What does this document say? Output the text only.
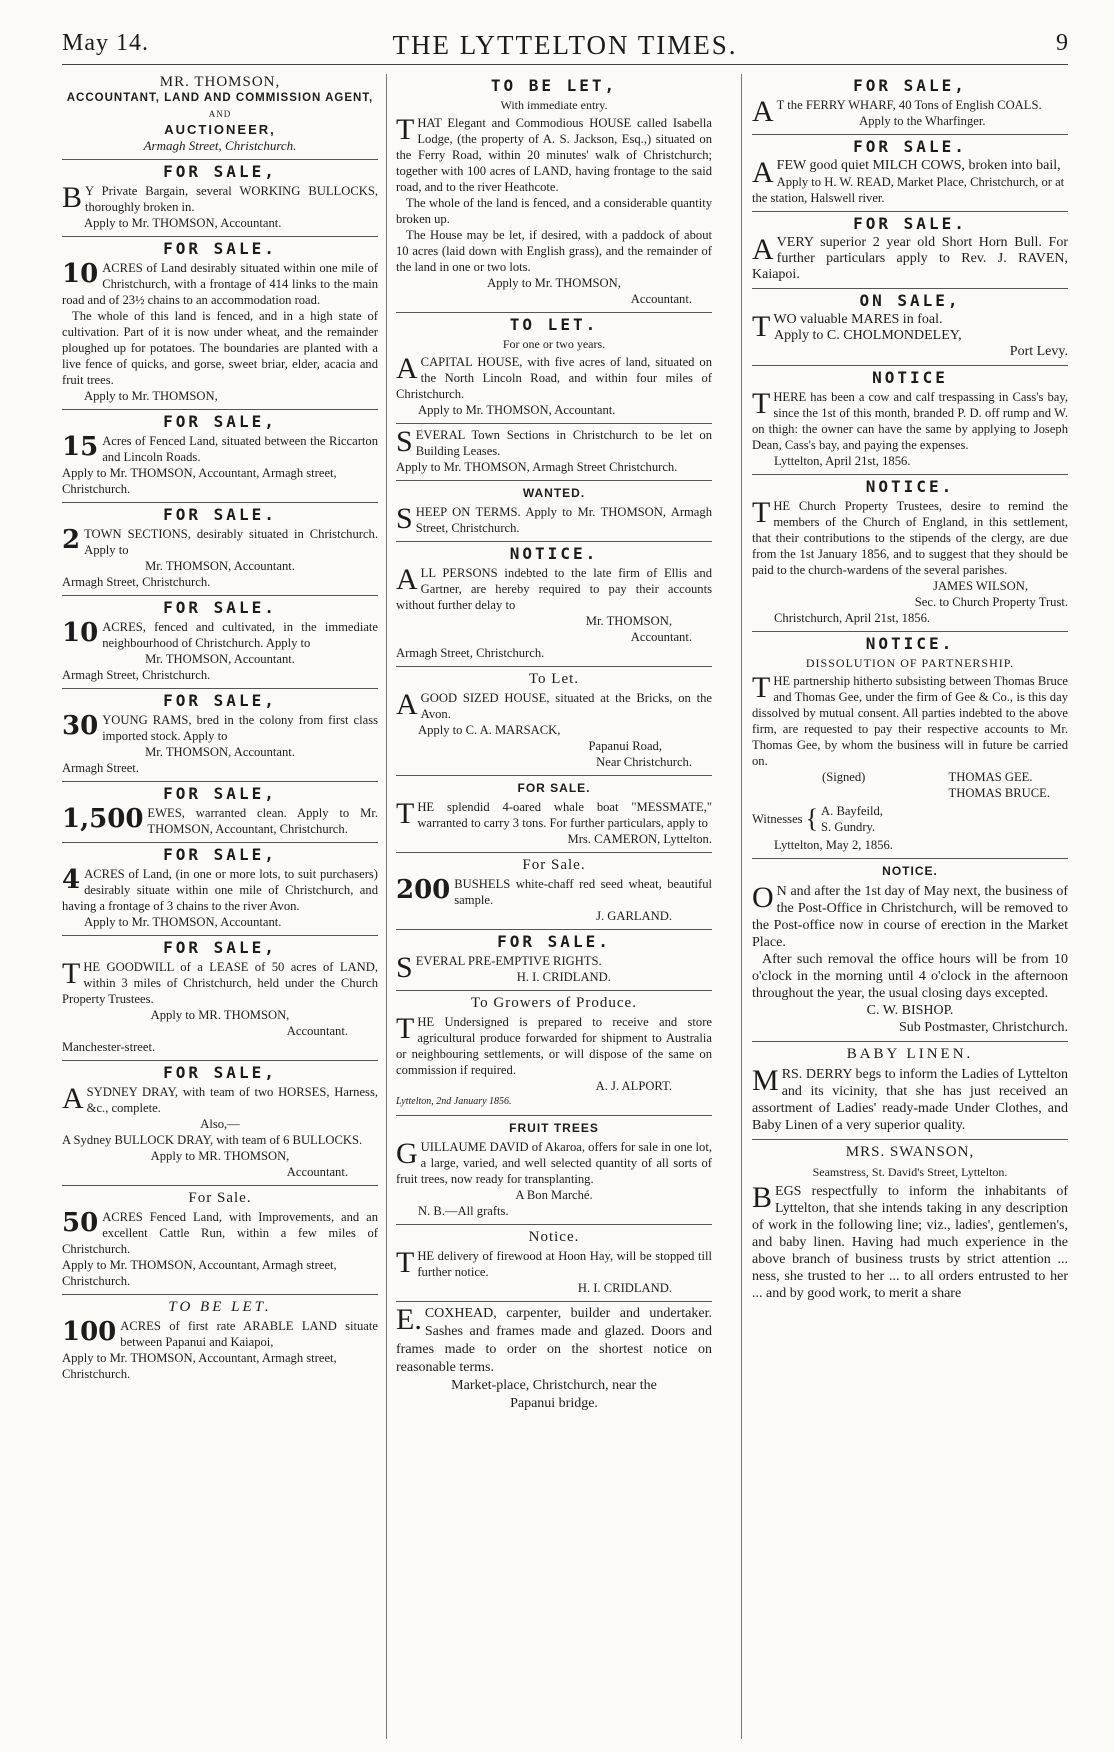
May 14.	THE LYTTELTON TIMES.	9
MR. THOMSON,
ACCOUNTANT, LAND AND COMMISSION AGENT,
AND
AUCTIONEER,
Armagh Street, Christchurch.
FOR SALE,

BY Private Bargain, several WORKING BULLOCKS, thoroughly broken in.

Apply to Mr. THOMSON, Accountant.

FOR SALE.

10 ACRES of Land desirably situated within one mile of Christchurch, with a frontage of 414 links to the main road and of 23½ chains to an accommodation road.

The whole of this land is fenced, and in a high state of cultivation. Part of it is now under wheat, and the remainder ploughed up for potatoes. The boundaries are planted with a live fence of quicks, and gorse, sweet briar, elder, acacia and fruit trees.

Apply to Mr. THOMSON,

FOR SALE,

15 Acres of Fenced Land, situated between the Riccarton and Lincoln Roads.

Apply to Mr. THOMSON, Accountant, Armagh street, Christchurch.

FOR SALE.

2 TOWN SECTIONS, desirably situated in Christchurch. Apply to

Mr. THOMSON, Accountant.

Armagh Street, Christchurch.

FOR SALE.

10 ACRES, fenced and cultivated, in the immediate neighbourhood of Christchurch. Apply to

Mr. THOMSON, Accountant.

Armagh Street, Christchurch.

FOR SALE,

30 YOUNG RAMS, bred in the colony from first class imported stock. Apply to

Mr. THOMSON, Accountant.

Armagh Street.

FOR SALE,

1,500 EWES, warranted clean. Apply to Mr. THOMSON, Accountant, Christchurch.

FOR SALE,

4 ACRES of Land, (in one or more lots, to suit purchasers) desirably situate within one mile of Christchurch, and having a frontage of 3 chains to the river Avon.

Apply to Mr. THOMSON, Accountant.

FOR SALE,

THE GOODWILL of a LEASE of 50 acres of LAND, within 3 miles of Christchurch, held under the Church Property Trustees.

Apply to MR. THOMSON,

Accountant.

Manchester-street.

FOR SALE,

ASYDNEY DRAY, with team of two HORSES, Harness, &c., complete.

Also,—

A Sydney BULLOCK DRAY, with team of 6 BULLOCKS.

Apply to MR. THOMSON,

Accountant.

For Sale.

50 ACRES Fenced Land, with Improvements, and an excellent Cattle Run, within a few miles of Christchurch.

Apply to Mr. THOMSON, Accountant, Armagh street, Christchurch.

TO BE LET.

100 ACRES of first rate ARABLE LAND situate between Papanui and Kaiapoi,

Apply to Mr. THOMSON, Accountant, Armagh street, Christchurch.

TO BE LET,
With immediate entry.

THAT Elegant and Commodious HOUSE called Isabella Lodge, (the property of A. S. Jackson, Esq.,) situated on the Ferry Road, within 20 minutes' walk of Christchurch; together with 100 acres of LAND, having frontage to the said road, and to the river Heathcote.

The whole of the land is fenced, and a considerable quantity broken up.

The House may be let, if desired, with a paddock of about 10 acres (laid down with English grass), and the remainder of the land in one or two lots.

Apply to Mr. THOMSON,

Accountant.

TO LET.
For one or two years.

ACAPITAL HOUSE, with five acres of land, situated on the North Lincoln Road, and within four miles of Christchurch.

Apply to Mr. THOMSON, Accountant.

SEVERAL Town Sections in Christchurch to be let on Building Leases.

Apply to Mr. THOMSON, Armagh Street Christchurch.

WANTED.

SHEEP ON TERMS. Apply to Mr. THOMSON, Armagh Street, Christchurch.

NOTICE.

ALL PERSONS indebted to the late firm of Ellis and Gartner, are hereby required to pay their accounts without further delay to

Mr. THOMSON,

Accountant.

Armagh Street, Christchurch.

To Let.

AGOOD SIZED HOUSE, situated at the Bricks, on the Avon.

Apply to C. A. MARSACK,

Papanui Road,

Near Christchurch.

FOR SALE.

THE splendid 4-oared whale boat "MESSMATE," warranted to carry 3 tons. For further particulars, apply to

Mrs. CAMERON, Lyttelton.

For Sale.

200 BUSHELS white-chaff red seed wheat, beautiful sample.

J. GARLAND.

FOR SALE.

SEVERAL PRE-EMPTIVE RIGHTS.

H. I. CRIDLAND.

To Growers of Produce.

THE Undersigned is prepared to receive and store agricultural produce forwarded for shipment to Australia or neighbouring settlements, or will dispose of the same on commission if required.

A. J. ALPORT.

Lyttelton, 2nd January 1856.

FRUIT TREES

GUILLAUME DAVID of Akaroa, offers for sale in one lot, a large, varied, and well selected quantity of all sorts of fruit trees, now ready for transplanting.

A Bon Marché.

N. B.—All grafts.

Notice.

THE delivery of firewood at Hoon Hay, will be stopped till further notice.

H. I. CRIDLAND.

E.COXHEAD, carpenter, builder and undertaker. Sashes and frames made and glazed. Doors and frames made to order on the shortest notice on reasonable terms.

Market-place, Christchurch, near the

Papanui bridge.

FOR SALE,

AT the FERRY WHARF, 40 Tons of English COALS.

Apply to the Wharfinger.

FOR SALE.

AFEW good quiet MILCH COWS, broken into bail,

Apply to H. W. READ, Market Place, Christchurch, or at the station, Halswell river.

FOR SALE.

AVERY superior 2 year old Short Horn Bull. For further particulars apply to Rev. J. RAVEN, Kaiapoi.

ON SALE,

TWO valuable MARES in foal.

Apply to C. CHOLMONDELEY,

Port Levy.

NOTICE

THERE has been a cow and calf trespassing in Cass's bay, since the 1st of this month, branded P. D. off rump and W. on thigh: the owner can have the same by applying to Joseph Dean, Cass's bay, and paying the expenses.

Lyttelton, April 21st, 1856.

NOTICE.

THE Church Property Trustees, desire to remind the members of the Church of England, in this settlement, that their contributions to the stipends of the clergy, are due from the 1st January 1856, and to suggest that they should be paid to the church-wardens of the several parishes.

JAMES WILSON,

Sec. to Church Property Trust.

Christchurch, April 21st, 1856.

NOTICE.
DISSOLUTION OF PARTNERSHIP.

THE partnership hitherto subsisting between Thomas Bruce and Thomas Gee, under the firm of Gee & Co., is this day dissolved by mutual consent. All parties indebted to the above firm, are requested to pay their respective accounts to Mr. Thomas Gee, by whom the business will in future be carried on.

(Signed)	THOMAS GEE.
THOMAS BRUCE.
Witnesses { A. Bayfeild,
S. Gundry.

Lyttelton, May 2, 1856.

NOTICE.

ON and after the 1st day of May next, the business of the Post-Office in Christchurch, will be removed to the Post-office now in course of erection in the Market Place.

After such removal the office hours will be from 10 o'clock in the morning until 4 o'clock in the afternoon throughout the year, the usual closing days excepted.

C. W. BISHOP.

Sub Postmaster, Christchurch.

BABY LINEN.

MRS. DERRY begs to inform the Ladies of Lyttelton and its vicinity, that she has just received an assortment of Ladies' ready-made Under Clothes, and Baby Linen of a very superior quality.

MRS. SWANSON,
Seamstress, St. David's Street, Lyttelton.

BEGS respectfully to inform the inhabitants of Lyttelton, that she intends taking in any description of work in the following line; viz., ladies', gentlemen's, and baby linen. Having had much experience in the above branch of business trusts by strict attention ... ness, she trusted to her ... to all orders entrusted to her ... and by good work, to merit a share
